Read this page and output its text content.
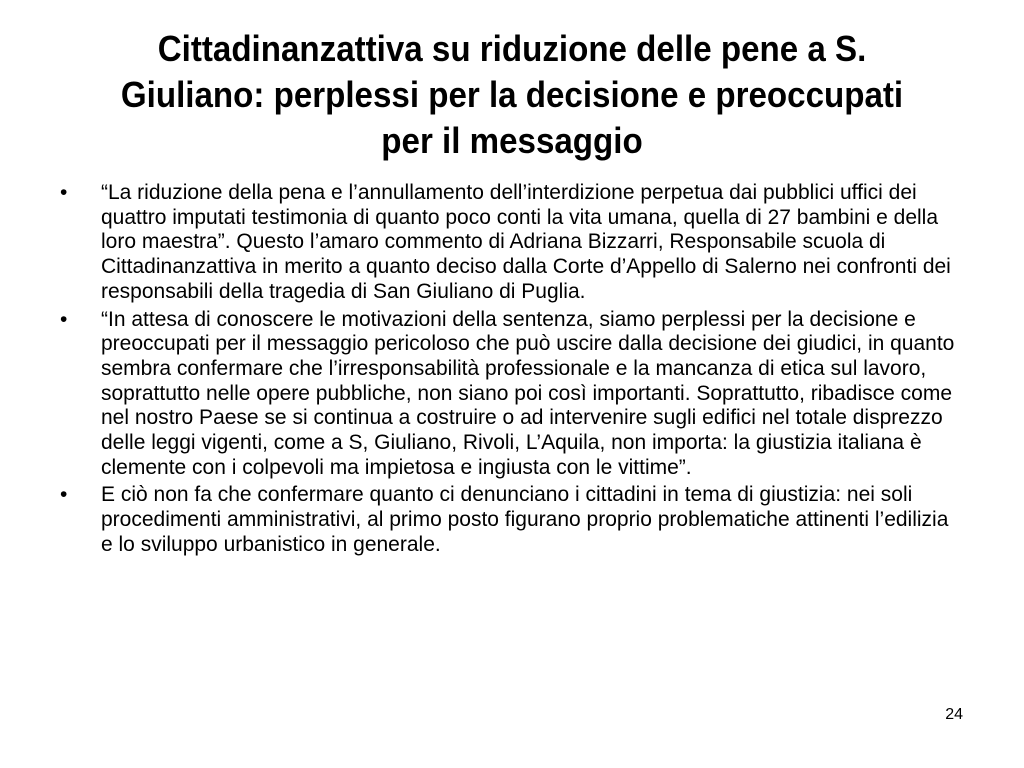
Cittadinanzattiva su riduzione delle pene a S. Giuliano: perplessi per la decisione e preoccupati per il messaggio
•	“La riduzione della pena e l’annullamento dell’interdizione perpetua dai pubblici uffici dei quattro imputati testimonia di quanto poco conti la vita umana, quella di 27 bambini e della loro maestra”. Questo l’amaro commento di Adriana Bizzarri, Responsabile scuola di Cittadinanzattiva in merito a quanto deciso dalla Corte d’Appello di Salerno nei confronti dei responsabili della tragedia di San Giuliano di Puglia.
•	“In attesa di conoscere le motivazioni della sentenza, siamo perplessi per la decisione e preoccupati per il messaggio pericoloso che può uscire dalla decisione dei giudici, in quanto sembra confermare che l’irresponsabilità professionale e la mancanza di etica sul lavoro, soprattutto nelle opere pubbliche, non siano poi così importanti. Soprattutto, ribadisce come nel nostro Paese se si continua a costruire o ad intervenire sugli edifici nel totale disprezzo delle leggi vigenti, come a S, Giuliano, Rivoli, L’Aquila, non importa: la giustizia italiana è clemente con i colpevoli ma impietosa e ingiusta con le vittime”.
•	E ciò non fa che confermare quanto ci denunciano i cittadini in tema di giustizia: nei soli procedimenti amministrativi, al primo posto figurano proprio problematiche attinenti l’edilizia e lo sviluppo urbanistico in generale.
24
